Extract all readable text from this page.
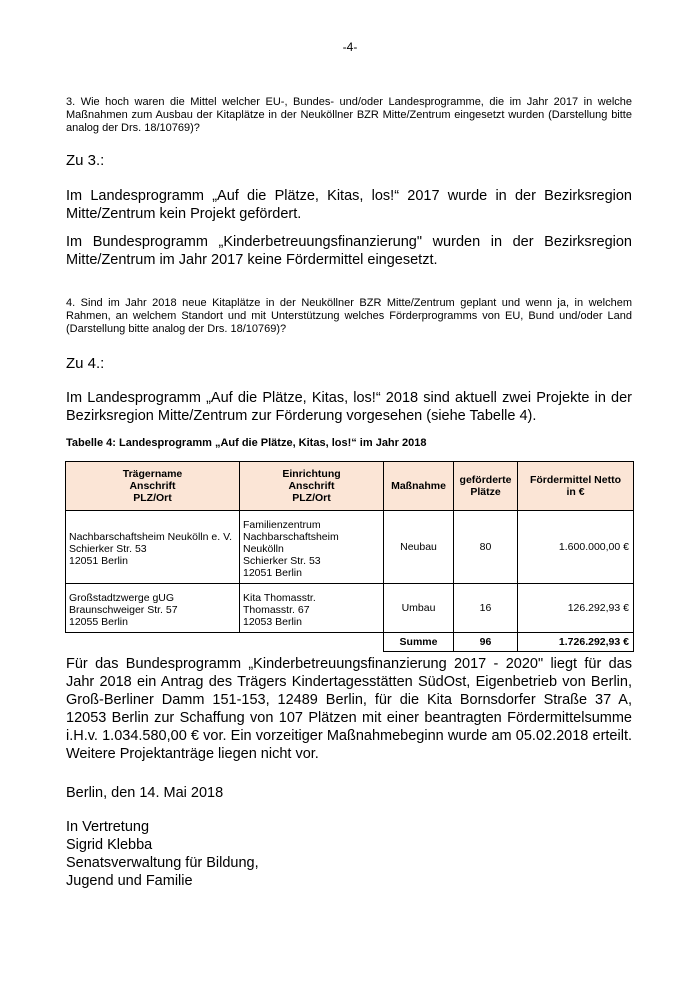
-4-
3. Wie hoch waren die Mittel welcher EU-, Bundes- und/oder Landesprogramme, die im Jahr 2017 in welche Maßnahmen zum Ausbau der Kitaplätze in der Neuköllner BZR Mitte/Zentrum eingesetzt wurden (Darstellung bitte analog der Drs. 18/10769)?
Zu 3.:
Im Landesprogramm „Auf die Plätze, Kitas, los!“ 2017 wurde in der Bezirksregion Mitte/Zentrum kein Projekt gefördert.
Im Bundesprogramm „Kinderbetreuungsfinanzierung" wurden in der Bezirksregion Mitte/Zentrum im Jahr 2017 keine Fördermittel eingesetzt.
4. Sind im Jahr 2018 neue Kitaplätze in der Neuköllner BZR Mitte/Zentrum geplant und wenn ja, in welchem Rahmen, an welchem Standort und mit Unterstützung welches Förderprogramms von EU, Bund und/oder Land (Darstellung bitte analog der Drs. 18/10769)?
Zu 4.:
Im Landesprogramm „Auf die Plätze, Kitas, los!“ 2018 sind aktuell zwei Projekte in der Bezirksregion Mitte/Zentrum zur Förderung vorgesehen (siehe Tabelle 4).
Tabelle 4: Landesprogramm „Auf die Plätze, Kitas, los!“ im Jahr 2018
Trägername
Anschrift
PLZ/Ort	Einrichtung
Anschrift
PLZ/Ort	Maßnahme	geförderte
Plätze	Fördermittel Netto
in €
Nachbarschaftsheim Neukölln e. V.
Schierker Str. 53
12051 Berlin	Familienzentrum
Nachbarschaftsheim Neukölln
Schierker Str. 53
12051 Berlin	Neubau	80	1.600.000,00 €
Großstadtzwerge gUG
Braunschweiger Str. 57
12055 Berlin	Kita Thomasstr.
Thomasstr. 67
12053 Berlin	Umbau	16	126.292,93 €
		Summe	96	1.726.292,93 €
Für das Bundesprogramm „Kinderbetreuungsfinanzierung 2017 - 2020" liegt für das Jahr 2018 ein Antrag des Trägers Kindertagesstätten SüdOst, Eigenbetrieb von Berlin, Groß-Berliner Damm 151-153, 12489 Berlin, für die Kita Bornsdorfer Straße 37 A, 12053 Berlin zur Schaffung von 107 Plätzen mit einer beantragten Fördermittelsumme i.H.v. 1.034.580,00 € vor. Ein vorzeitiger Maßnahmebeginn wurde am 05.02.2018 erteilt. Weitere Projektanträge liegen nicht vor.
Berlin, den 14. Mai 2018
In Vertretung
Sigrid Klebba
Senatsverwaltung für Bildung,
Jugend und Familie
